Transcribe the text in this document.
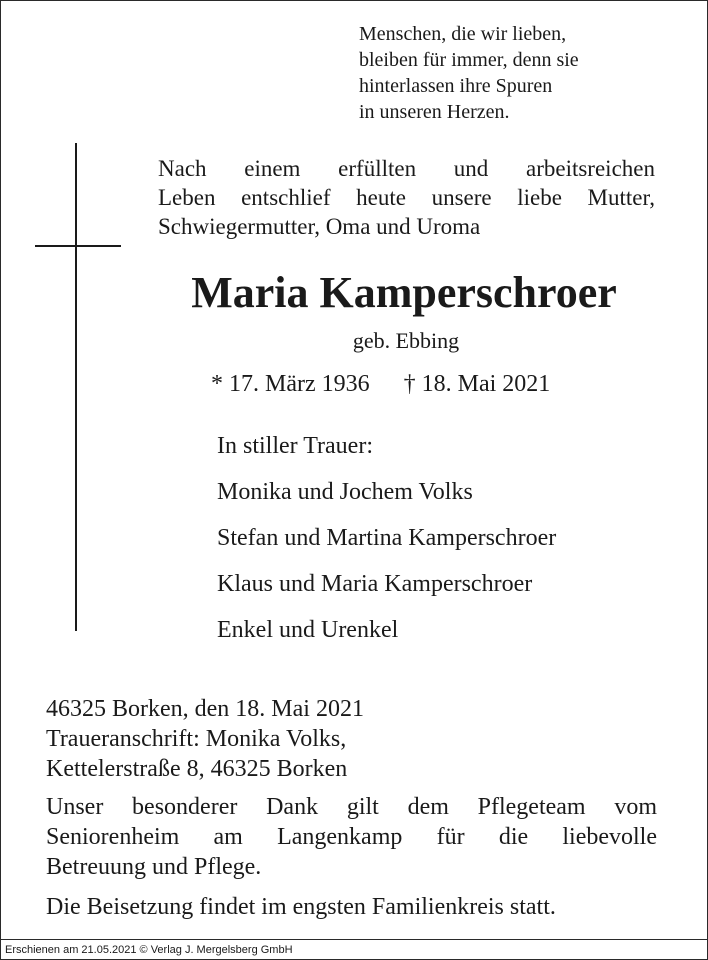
Menschen, die wir lieben,
bleiben für immer, denn sie
hinterlassen ihre Spuren
in unseren Herzen.
Nach einem erfüllten und arbeitsreichen
Leben entschlief heute unsere liebe Mutter,
Schwiegermutter, Oma und Uroma
Maria Kamperschroer
geb. Ebbing
* 17. März 1936 † 18. Mai 2021
In stiller Trauer:
Monika und Jochem Volks
Stefan und Martina Kamperschroer
Klaus und Maria Kamperschroer
Enkel und Urenkel
46325 Borken, den 18. Mai 2021
Traueranschrift: Monika Volks,
Kettelerstraße 8, 46325 Borken
Unser besonderer Dank gilt dem Pflegeteam vom
Seniorenheim am Langenkamp für die liebevolle
Betreuung und Pflege.
Die Beisetzung findet im engsten Familienkreis statt.
Erschienen am 21.05.2021 © Verlag J. Mergelsberg GmbH
